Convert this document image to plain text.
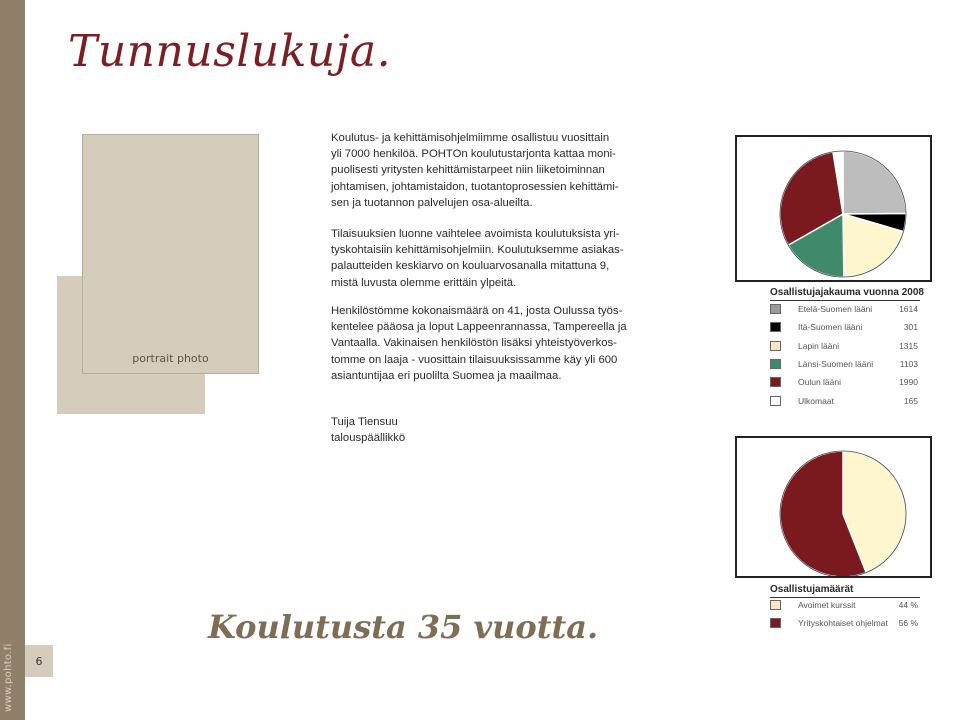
www.pohto.fi	6
Tunnuslukuja.
portrait photo
Koulutus- ja kehittämisohjelmiimme osallistuu vuosittain
yli 7000 henkilöä. POHTOn koulutustarjonta kattaa moni-
puolisesti yritysten kehittämistarpeet niin liiketoiminnan
johtamisen, johtamistaidon, tuotantoprosessien kehittämi-
sen ja tuotannon palvelujen osa-alueilta.
Tilaisuuksien luonne vaihtelee avoimista koulutuksista yri-
tyskohtaisiin kehittämisohjelmiin. Koulutuksemme asiakas-
palautteiden keskiarvo on kouluarvosanalla mitattuna 9,
mistä luvusta olemme erittäin ylpeitä.
Henkilöstömme kokonaismäärä on 41, josta Oulussa työs-
kentelee pääosa ja loput Lappeenrannassa, Tampereella ja
Vantaalla. Vakinaisen henkilöstön lisäksi yhteistyöverkos-
tomme on laaja - vuosittain tilaisuuksissamme käy yli 600
asiantuntijaa eri puolilta Suomea ja maailmaa.
Tuija Tiensuu
talouspäällikkö
Osallistujajakauma vuonna 2008
Etelä-Suomen lääni	1614
Itä-Suomen lääni	301
Lapin lääni	1315
Länsi-Suomen lääni	1103
Oulun lääni	1990
Ulkomaat	165
Osallistujamäärät
Avoimet kurssit	44 %
Yrityskohtaiset ohjelmat 56 %
Koulutusta 35 vuotta.
